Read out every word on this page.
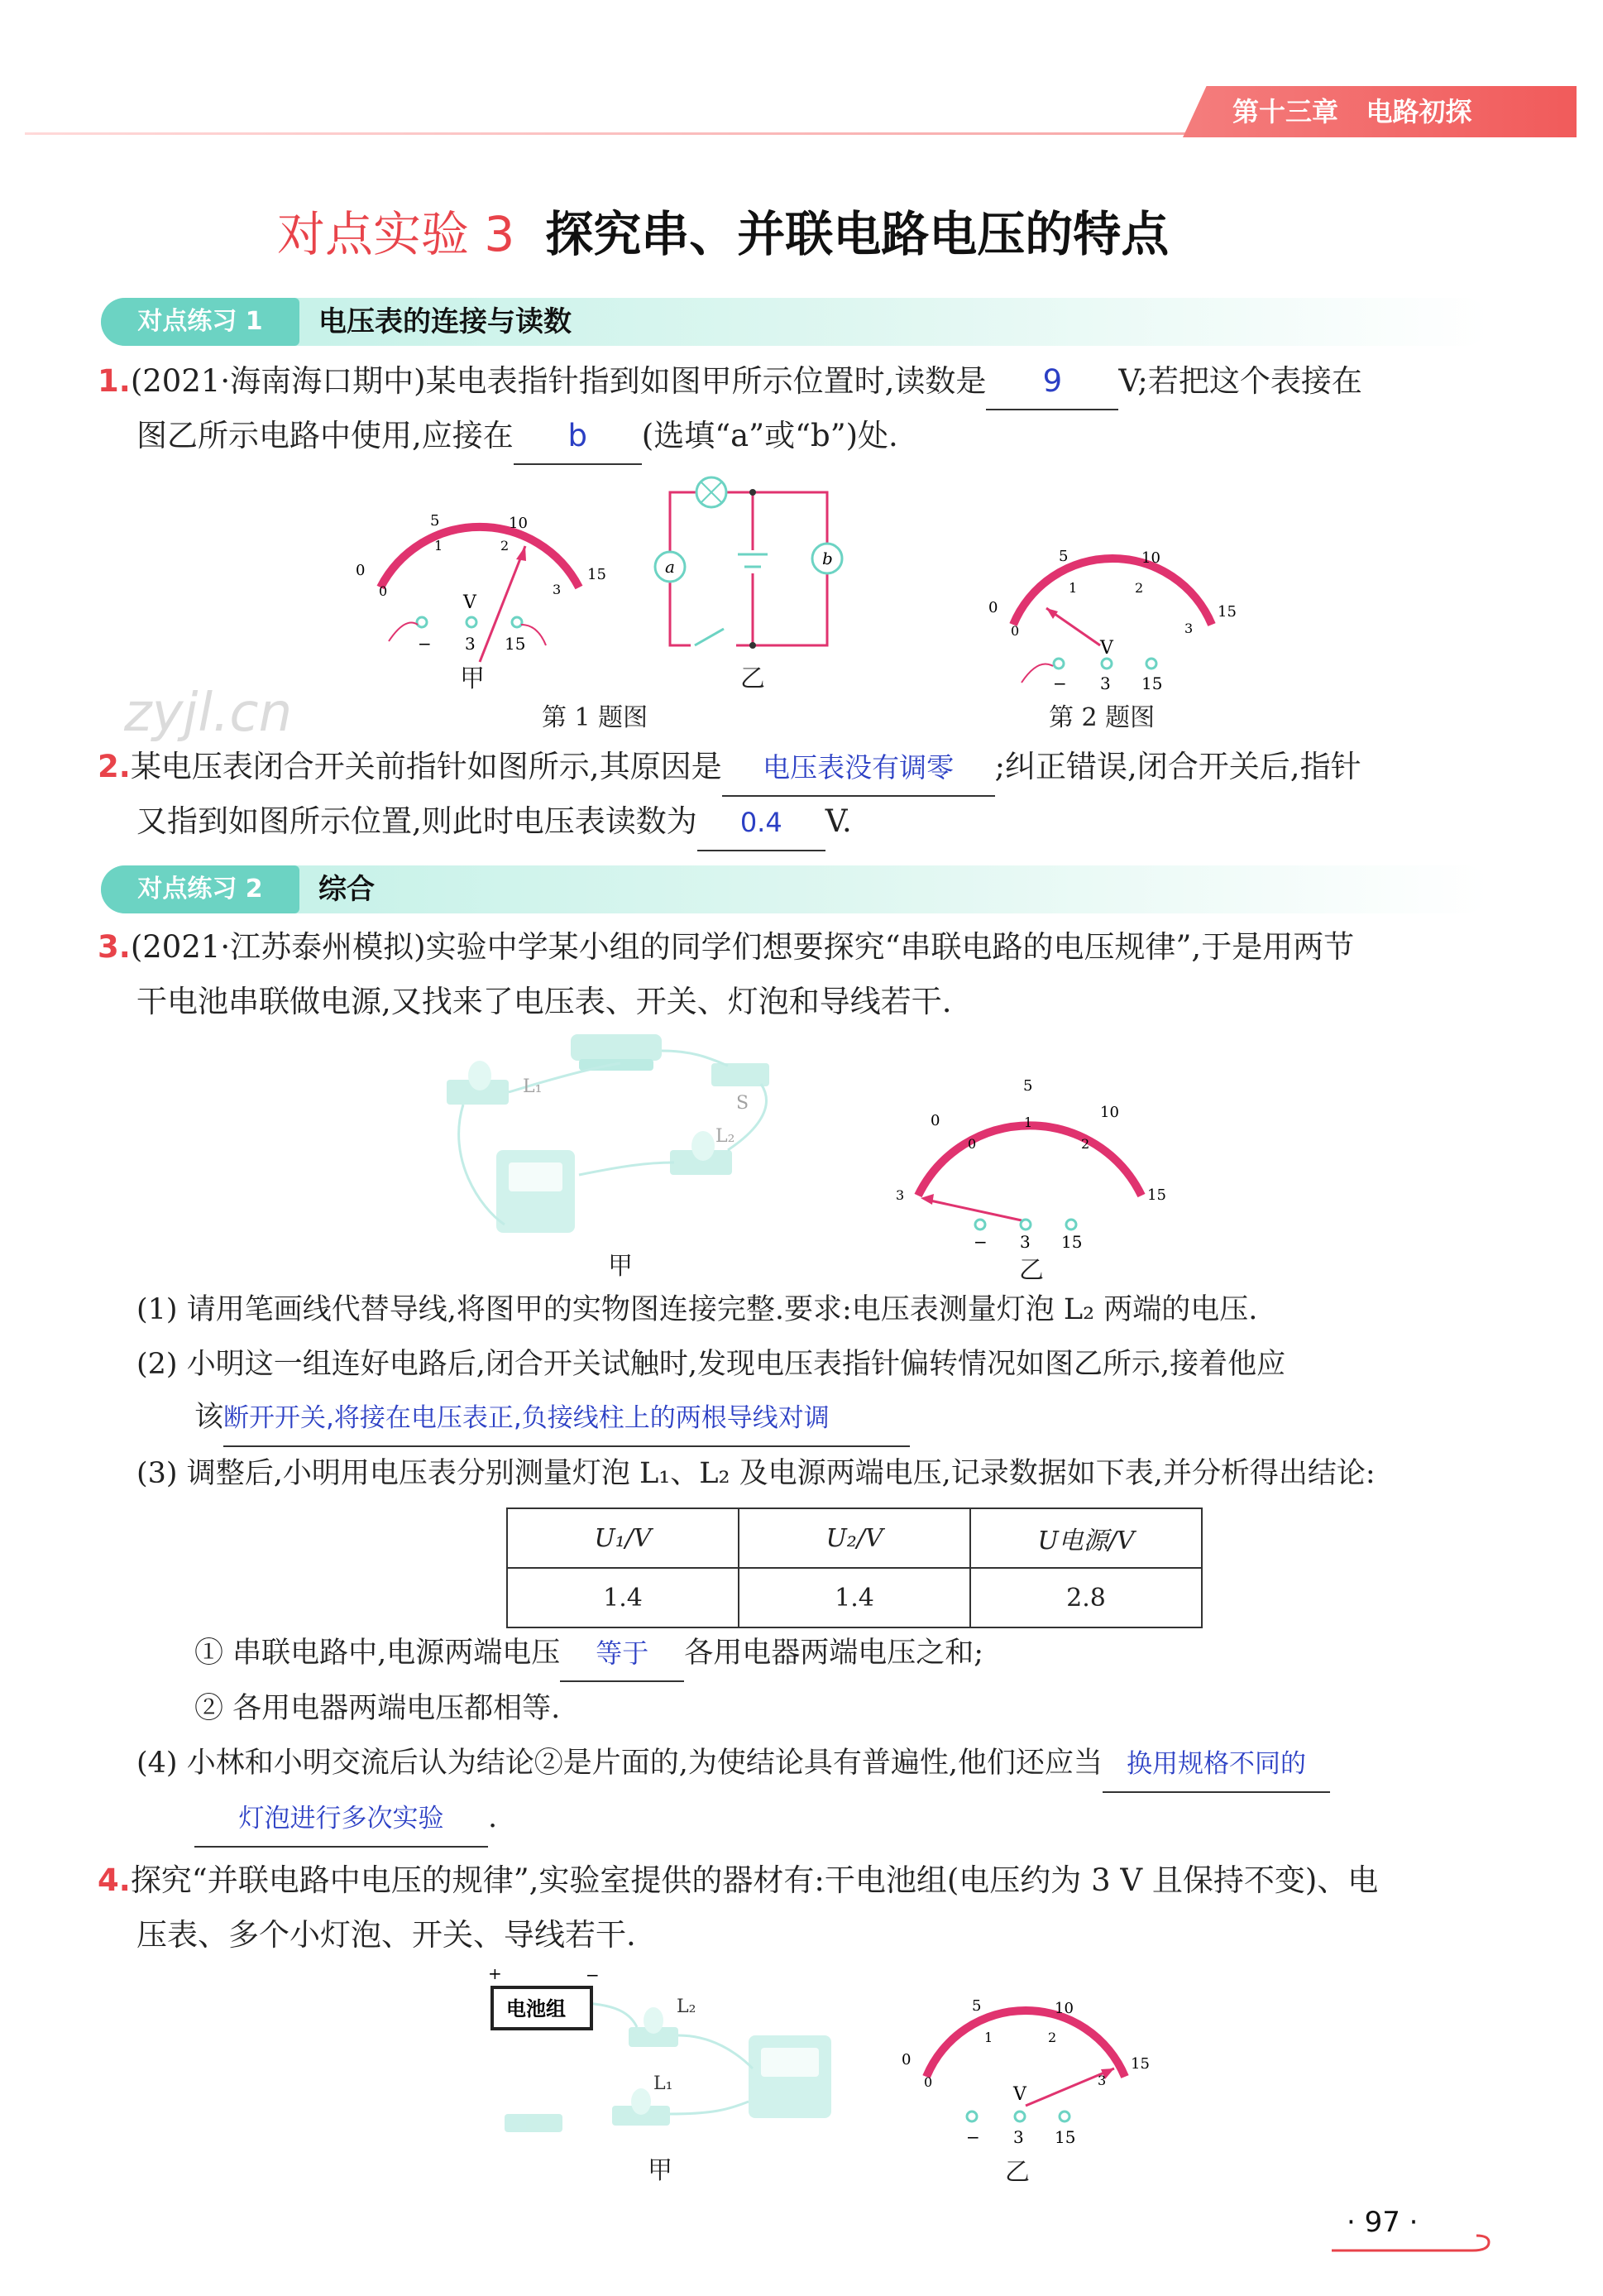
第十三章 电路初探
对点实验 3 探究串、并联电路电压的特点
对点练习 1	电压表的连接与读数
1.(2021·海南海口期中)某电表指针指到如图甲所示位置时,读数是 9 V;若把这个表接在
图乙所示电路中使用,应接在 b (选填“a”或“b”)处.
0
5	10
15
0
1	2
3
V
− 3 15
甲
a	b
乙
第 1 题图
0
5	10
15
0
1	2
3
V
− 3 15
第 2 题图
zyjl.cn
2.某电压表闭合开关前指针如图所示,其原因是 电压表没有调零 ;纠正错误,闭合开关后,指针
又指到如图所示位置,则此时电压表读数为 0.4 V.
对点练习 2	综合
3.(2021·江苏泰州模拟)实验中学某小组的同学们想要探究“串联电路的电压规律”,于是用两节
干电池串联做电源,又找来了电压表、开关、灯泡和导线若干.
L₁
S
L₂
甲
0
5
10
15
3
0
1
2
− 3 15
乙
(1) 请用笔画线代替导线,将图甲的实物图连接完整.要求:电压表测量灯泡 L₂ 两端的电压.
(2) 小明这一组连好电路后,闭合开关试触时,发现电压表指针偏转情况如图乙所示,接着他应
该断开开关,将接在电压表正,负接线柱上的两根导线对调
(3) 调整后,小明用电压表分别测量灯泡 L₁、L₂ 及电源两端电压,记录数据如下表,并分析得出结论:
U₁/V	U₂/V	U电源/V
1.4	1.4	2.8
① 串联电路中,电源两端电压 等于 各用电器两端电压之和;
② 各用电器两端电压都相等.
(4) 小林和小明交流后认为结论②是片面的,为使结论具有普遍性,他们还应当 换用规格不同的
灯泡进行多次实验 .
4.探究“并联电路中电压的规律”,实验室提供的器材有:干电池组(电压约为 3 V 且保持不变)、电
压表、多个小灯泡、开关、导线若干.
电池组
+	−
L₂
L₁
甲
0
5	10
15
0
1	2
3
V
− 3 15
乙
· 97 ·
